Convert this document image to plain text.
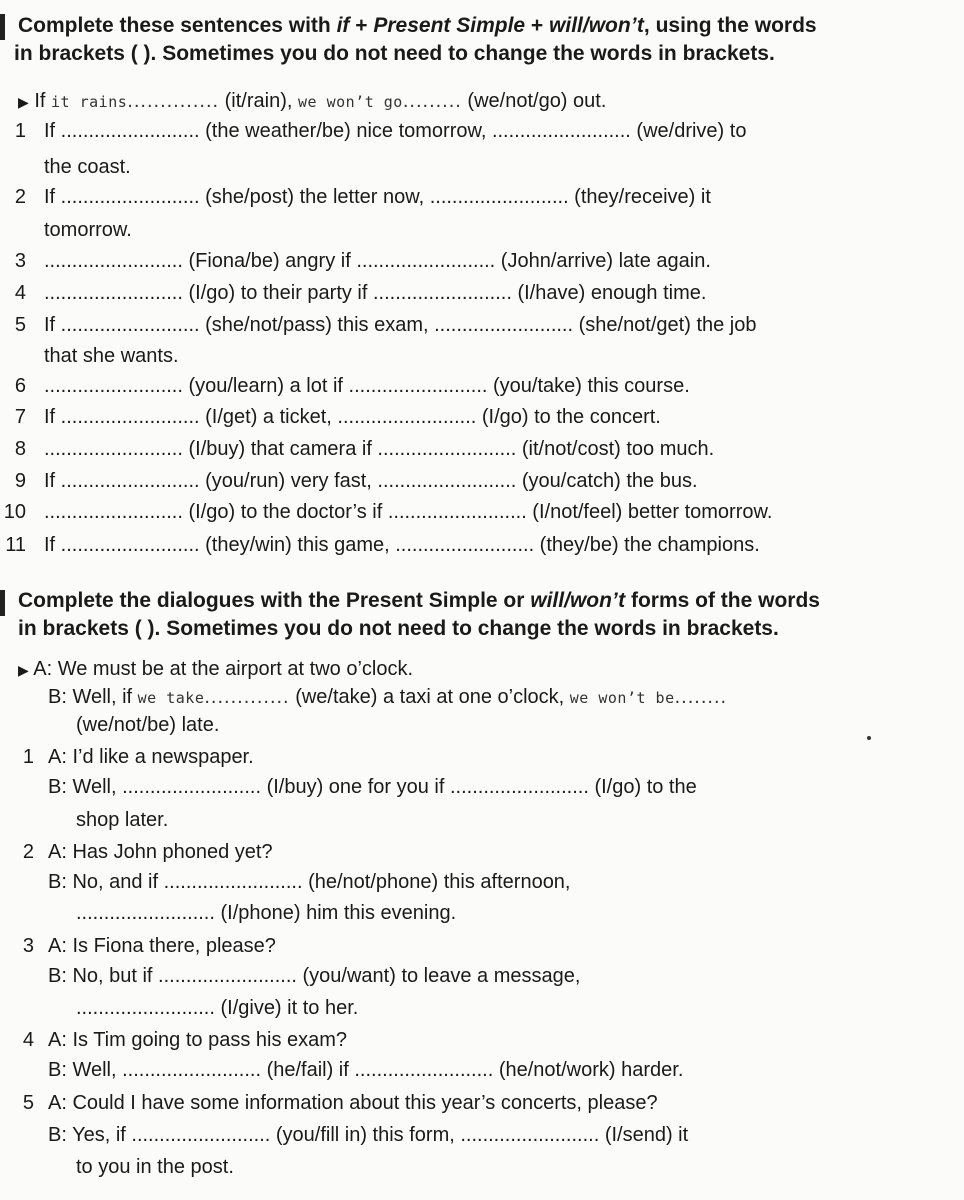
Complete these sentences with if + Present Simple + will/won’t, using the words
in brackets ( ). Sometimes you do not need to change the words in brackets.
▶ If it rains.............. (it/rain), we won’t go......... (we/not/go) out.
1 If ......................... (the weather/be) nice tomorrow, ......................... (we/drive) to
the coast.
2 If ......................... (she/post) the letter now, ......................... (they/receive) it
tomorrow.
3 ......................... (Fiona/be) angry if ......................... (John/arrive) late again.
4 ......................... (I/go) to their party if ......................... (I/have) enough time.
5 If ......................... (she/not/pass) this exam, ......................... (she/not/get) the job
that she wants.
6 ......................... (you/learn) a lot if ......................... (you/take) this course.
7 If ......................... (I/get) a ticket, ......................... (I/go) to the concert.
8 ......................... (I/buy) that camera if ......................... (it/not/cost) too much.
9 If ......................... (you/run) very fast, ......................... (you/catch) the bus.
10 ......................... (I/go) to the doctor’s if ......................... (I/not/feel) better tomorrow.
11 If ......................... (they/win) this game, ......................... (they/be) the champions.
Complete the dialogues with the Present Simple or will/won’t forms of the words
in brackets ( ). Sometimes you do not need to change the words in brackets.
▶ A: We must be at the airport at two o’clock.
B: Well, if we take............. (we/take) a taxi at one o’clock, we won’t be........
(we/not/be) late.
1 A: I’d like a newspaper.
B: Well, ......................... (I/buy) one for you if ......................... (I/go) to the
shop later.
2 A: Has John phoned yet?
B: No, and if ......................... (he/not/phone) this afternoon,
......................... (I/phone) him this evening.
3 A: Is Fiona there, please?
B: No, but if ......................... (you/want) to leave a message,
......................... (I/give) it to her.
4 A: Is Tim going to pass his exam?
B: Well, ......................... (he/fail) if ......................... (he/not/work) harder.
5 A: Could I have some information about this year’s concerts, please?
B: Yes, if ......................... (you/fill in) this form, ......................... (I/send) it
to you in the post.
